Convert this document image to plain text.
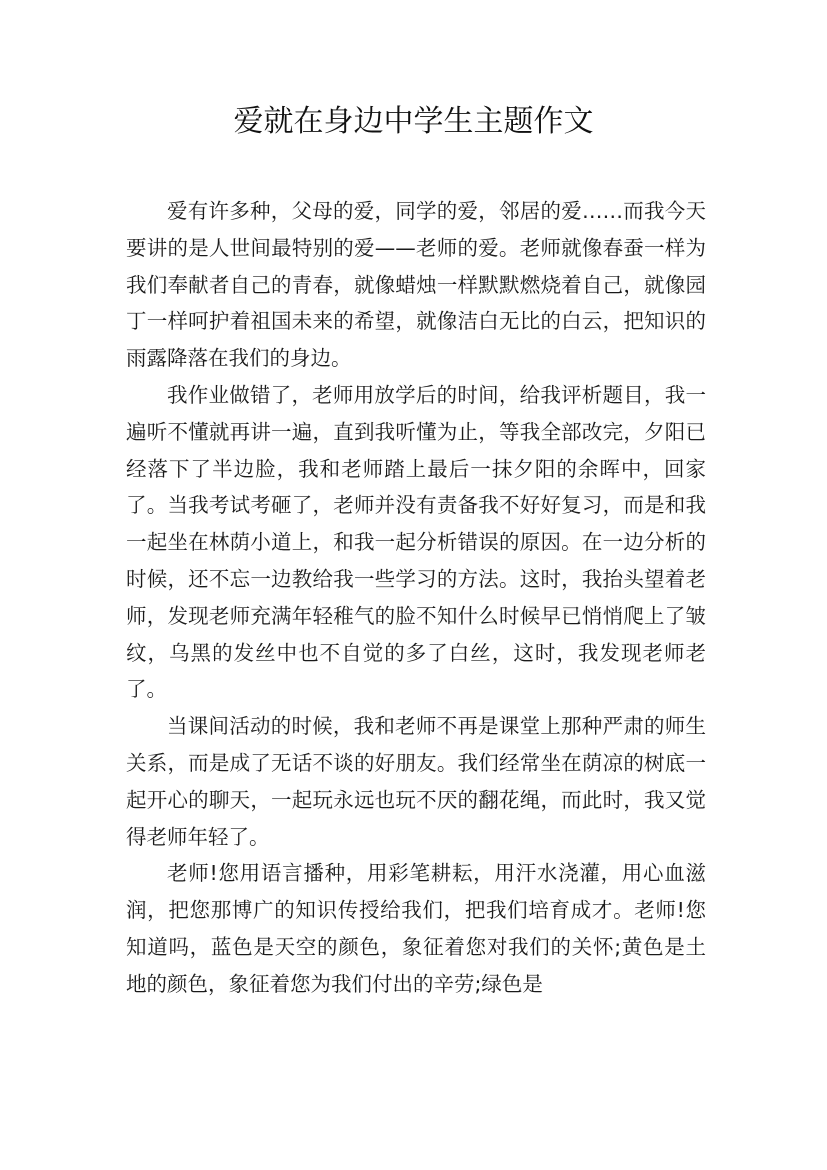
爱就在身边中学生主题作文

爱有许多种，父母的爱，同学的爱，邻居的爱……而我今天要讲的是人世间最特别的爱——老师的爱。老师就像春蚕一样为我们奉献者自己的青春，就像蜡烛一样默默燃烧着自己，就像园丁一样呵护着祖国未来的希望，就像洁白无比的白云，把知识的雨露降落在我们的身边。

我作业做错了，老师用放学后的时间，给我评析题目，我一遍听不懂就再讲一遍，直到我听懂为止，等我全部改完，夕阳已经落下了半边脸，我和老师踏上最后一抹夕阳的余晖中，回家了。当我考试考砸了，老师并没有责备我不好好复习，而是和我一起坐在林荫小道上，和我一起分析错误的原因。在一边分析的时候，还不忘一边教给我一些学习的方法。这时，我抬头望着老师，发现老师充满年轻稚气的脸不知什么时候早已悄悄爬上了皱纹，乌黑的发丝中也不自觉的多了白丝，这时，我发现老师老了。

当课间活动的时候，我和老师不再是课堂上那种严肃的师生关系，而是成了无话不谈的好朋友。我们经常坐在荫凉的树底一起开心的聊天，一起玩永远也玩不厌的翻花绳，而此时，我又觉得老师年轻了。

老师!您用语言播种，用彩笔耕耘，用汗水浇灌，用心血滋润，把您那博广的知识传授给我们，把我们培育成才。老师!您知道吗，蓝色是天空的颜色，象征着您对我们的关怀;黄色是土地的颜色，象征着您为我们付出的辛劳;绿色是
